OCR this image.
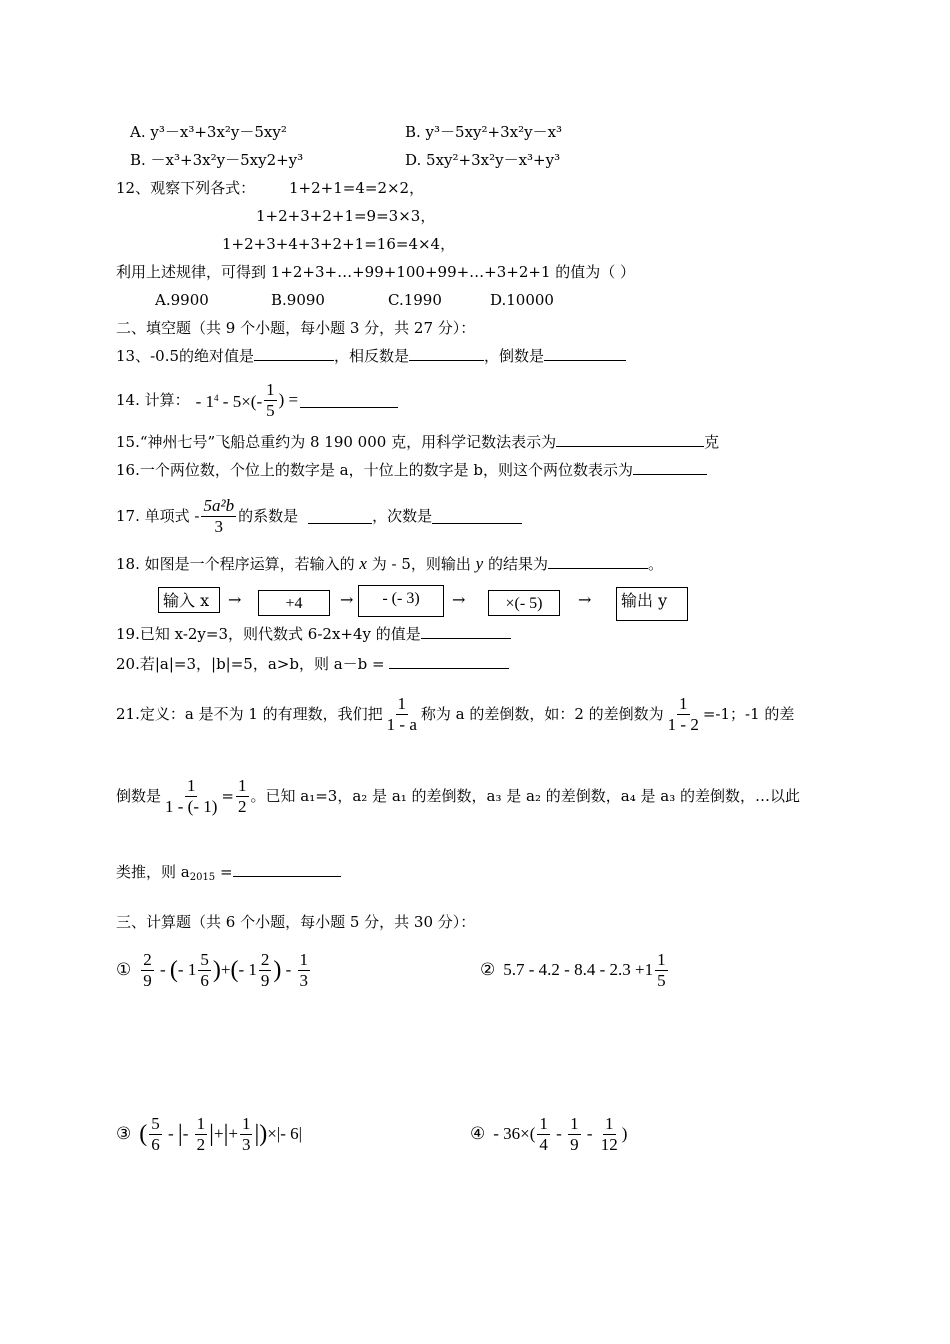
A. y³－x³+3x²y－5xy²	B. y³－5xy²+3x²y－x³
B. －x³+3x²y－5xy2+y³	D. 5xy²+3x²y－x³+y³
12、观察下列各式： 1+2+1=4=2×2，
1+2+3+2+1=9=3×3，
1+2+3+4+3+2+1=16=4×4，
利用上述规律，可得到 1+2+3+…+99+100+99+…+3+2+1 的值为（ ）
A.9900	B.9090	C.1990	D.10000
二、填空题（共 9 个小题，每小题 3 分，共 27 分）：
13、-0.5的绝对值是	，相反数是	，倒数是
14. 计算： - $1^4 - 5\times(- \frac{1}{5}$ ) =
15.“神州七号”飞船总重约为 8 190 000 克，用科学记数法表示为	克
16.一个两位数，个位上的数字是 a，十位上的数字是 b，则这个两位数表示为
17. 单项式 - $\frac{\text{5a²b}}{3}$ 的系数是	，次数是
18. 如图是一个程序运算，若输入的 x 为 - 5，则输出 y 的结果为	。
输入 x	→	+4	→	- (- 3)	→	×(- 5)	→	输出 y
19.已知 x-2y=3，则代数式 6-2x+4y 的值是
20.若|a|=3，|b|=5，a>b，则 a－b =
21.定义：a 是不为 1 的有理数，我们把 $\frac{1}{1 - a}$ 称为 a 的差倒数，如：2 的差倒数为 $\frac{1}{1 - 2} =-1$；-1 的差
倒数是 $\frac{1}{1 - (- 1)} = \frac{1}{2}$ 。已知 a₁=3，a₂ 是 a₁ 的差倒数，a₃ 是 a₂ 的差倒数，a₄ 是 a₃ 的差倒数，…以此
类推，则 $a_{2015}$ =
三、计算题（共 6 个小题，每小题 5 分，共 30 分）：
① $\frac{2}{9}$ - ( - $1 \frac{5}{6}$ ) + ( - $1 \frac{2}{9}$ ) - $\frac{1}{3}$	② $5.7 - 4.2 - 8.4 - 2.3 +1 \frac{1}{5}$
③ ( $\frac{5}{6}$ - | - $\frac{1}{2}$ | + | + $\frac{1}{3}$ | ) ×|- 6|	④ - $36\times( \frac{1}{4} - \frac{1}{9} - \frac{1}{12}$ )
